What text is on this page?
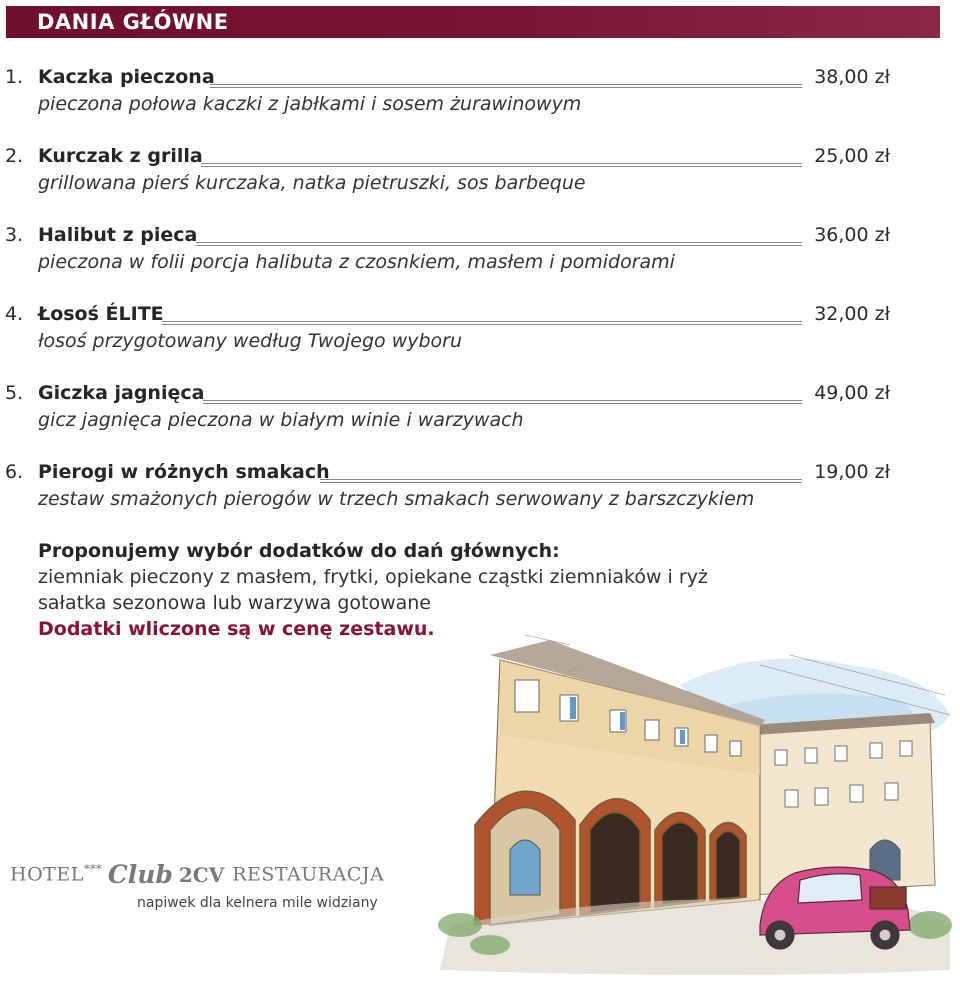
DANIA GŁÓWNE
1. Kaczka pieczona	38,00 zł
pieczona połowa kaczki z jabłkami i sosem żurawinowym
2. Kurczak z grilla	25,00 zł
grillowana pierś kurczaka, natka pietruszki, sos barbeque
3. Halibut z pieca	36,00 zł
pieczona w folii porcja halibuta z czosnkiem, masłem i pomidorami
4. Łosoś ÉLITE	32,00 zł
łosoś przygotowany według Twojego wyboru
5. Giczka jagnięca	49,00 zł
gicz jagnięca pieczona w białym winie i warzywach
6. Pierogi w różnych smakach	19,00 zł
zestaw smażonych pierogów w trzech smakach serwowany z barszczykiem
Proponujemy wybór dodatków do dań głównych:
ziemniak pieczony z masłem, frytki, opiekane cząstki ziemniaków i ryż
sałatka sezonowa lub warzywa gotowane
Dodatki wliczone są w cenę zestawu.
HOTEL*** Club 2CV RESTAURACJA
napiwek dla kelnera mile widziany
